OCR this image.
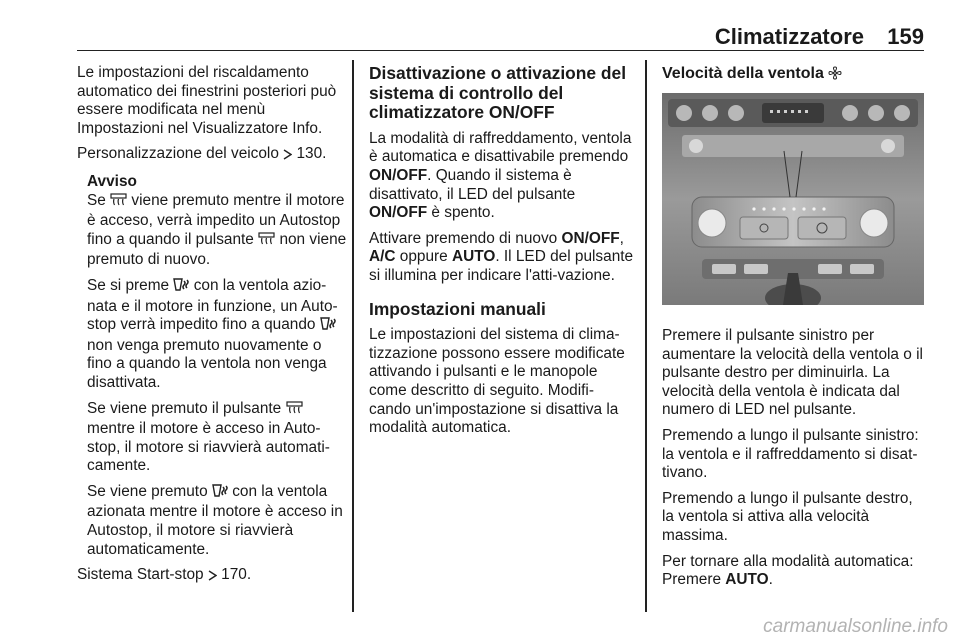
Climatizzatore 159

Le impostazioni del riscaldamento automatico dei finestrini posteriori può essere modificata nel menù Impostazioni nel Visualizzatore Info.

Personalizzazione del veicolo 130.

Avviso

Se viene premuto mentre il motore è acceso, verrà impedito un Autostop fino a quando il pulsante non viene premuto di nuovo.

Se si preme con la ventola azio-nata e il motore in funzione, un Auto-stop verrà impedito fino a quando  non venga premuto nuovamente o fino a quando la ventola non venga disattivata.

Se viene premuto il pulsante  mentre il motore è acceso in Auto-stop, il motore si riavvierà automati-camente.

Se viene premuto con la ventola azionata mentre il motore è acceso in Autostop, il motore si riavvierà automaticamente.

Sistema Start-stop 170.

Disattivazione o attivazione del sistema di controllo del climatizzatore ON/OFF

La modalità di raffreddamento, ventola è automatica e disattivabile premendo ON/OFF. Quando il sistema è disattivato, il LED del pulsante ON/OFF è spento.

Attivare premendo di nuovo ON/OFF, A/C oppure AUTO. Il LED del pulsante si illumina per indicare l'atti-vazione.

Impostazioni manuali

Le impostazioni del sistema di clima-tizzazione possono essere modificate attivando i pulsanti e le manopole come descritto di seguito. Modifi-cando un'impostazione si disattiva la modalità automatica.

Velocità della ventola

Premere il pulsante sinistro per aumentare la velocità della ventola o il pulsante destro per diminuirla. La velocità della ventola è indicata dal numero di LED nel pulsante.

Premendo a lungo il pulsante sinistro: la ventola e il raffreddamento si disat-tivano.

Premendo a lungo il pulsante destro, la ventola si attiva alla velocità massima.

Per tornare alla modalità automatica: Premere AUTO.

carmanualsonline.info
